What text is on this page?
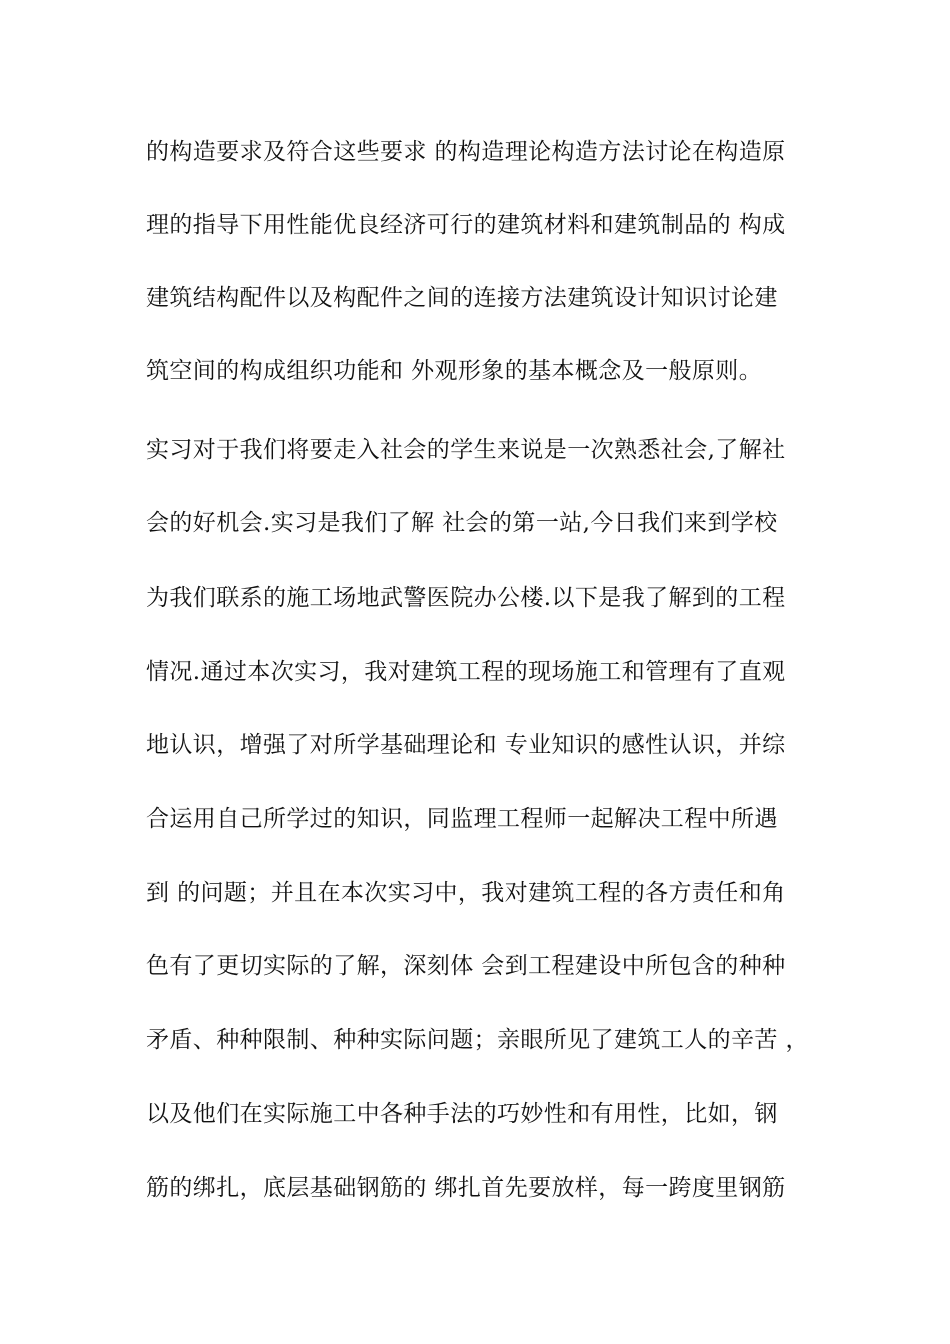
的构造要求及符合这些要求 的构造理论构造方法讨论在构造原
理的指导下用性能优良经济可行的建筑材料和建筑制品的 构成
建筑结构配件以及构配件之间的连接方法建筑设计知识讨论建
筑空间的构成组织功能和 外观形象的基本概念及一般原则。
实习对于我们将要走入社会的学生来说是一次熟悉社会,了解社
会的好机会.实习是我们了解 社会的第一站,今日我们来到学校
为我们联系的施工场地武警医院办公楼.以下是我了解到的工程
情况.通过本次实习，我对建筑工程的现场施工和管理有了直观
地认识，增强了对所学基础理论和 专业知识的感性认识，并综
合运用自己所学过的知识，同监理工程师一起解决工程中所遇
到 的问题；并且在本次实习中，我对建筑工程的各方责任和角
色有了更切实际的了解，深刻体 会到工程建设中所包含的种种
矛盾、种种限制、种种实际问题；亲眼所见了建筑工人的辛苦 ，
以及他们在实际施工中各种手法的巧妙性和有用性，比如，钢
筋的绑扎，底层基础钢筋的 绑扎首先要放样，每一跨度里钢筋
